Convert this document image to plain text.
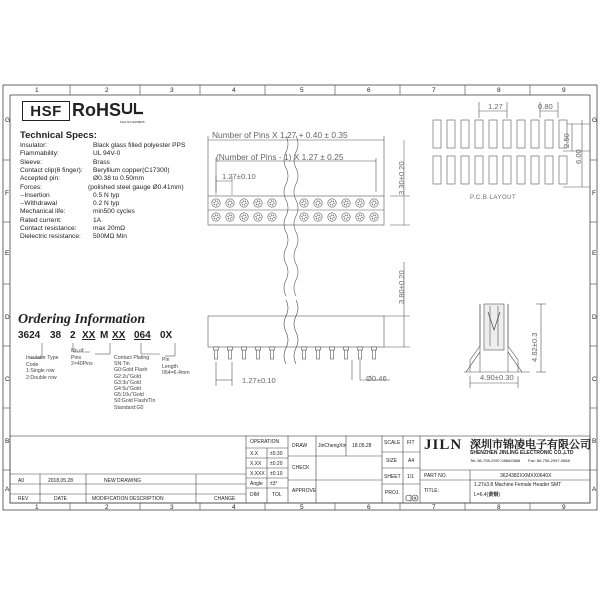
HSF RoHS
FILE NO E206815
Technical Specs:
Insulator:	Black glass filled polyester PPS
Flammability:	UL 94V-0
Sleeve:	Brass
Contact clip(6 finger): Beryllium copper(C17300)
Accepted pin:	Ø0.38 to 0.50mm
Forces:	(polished steel gauge Ø0.41mm)
--Insertion	0.5 N typ
--Withdrawal	0.2 N typ
Mechanical life:	min500 cycles
Rated current:	1A
Contact resistance:	max 20mΩ
Dielectric resistance: 500MΩ Min
Ordering Information
3624 38 2 XX M XX 064 0X
Insulator Type
Code
1:Single row
2:Double row
No.of
Pins
2×40Pins
Contact Plating
SN:Tin
G0:Gold Flash
G2:2u"Gold
G3:3u"Gold
G4:5u"Gold
G5:10u"Gold
S0:Gold Flash/Tin
Standard:G0
Pin
Length
064=6.4mm
Number of Pins X 1.27 + 0.40 ± 0.35
(Number of Pins - 1) X 1.27 ± 0.25
1.27±0.10	3.30±0.20
3.80±0.20
1.27±0.10	Ø0.46
4.82±0.3
4.90±0.30
1.27	0.80
2.50
6.00
P.C.B LAYOUT
OPERATION
DIM	TOL
DRAW JinChengXin 18.05.28
CHECK
APPROVE
SCALE FIT
SIZE A4
SHEET 1/1
PROJ.
JILN 深圳市锦凌电子有限公司
SHENZHEN JINLING ELECTRONIC CO.,LTD
Tel: 86-755-2997-0866/0868 Fax: 86-755-2997-0868
PART NO.	3624382XXMXX0640X
TITLE:
1.27x3.8 Machine Female Header SMT
L=6.4(黄铜)
A0	2018.05.28	NEW DRAWING
REV	DATE	MODIFICATION DESCRIPTION	CHANGE
1
1
2
2
3
3
4
4
5
5
6
6
7
7
8
8
9
9
G	G
F	F
E	E
D	D
C	C
B	B
A	A
X.X ±0.30
X.XX ±0.20
X.XXX ±0.10
Angle ±3°
